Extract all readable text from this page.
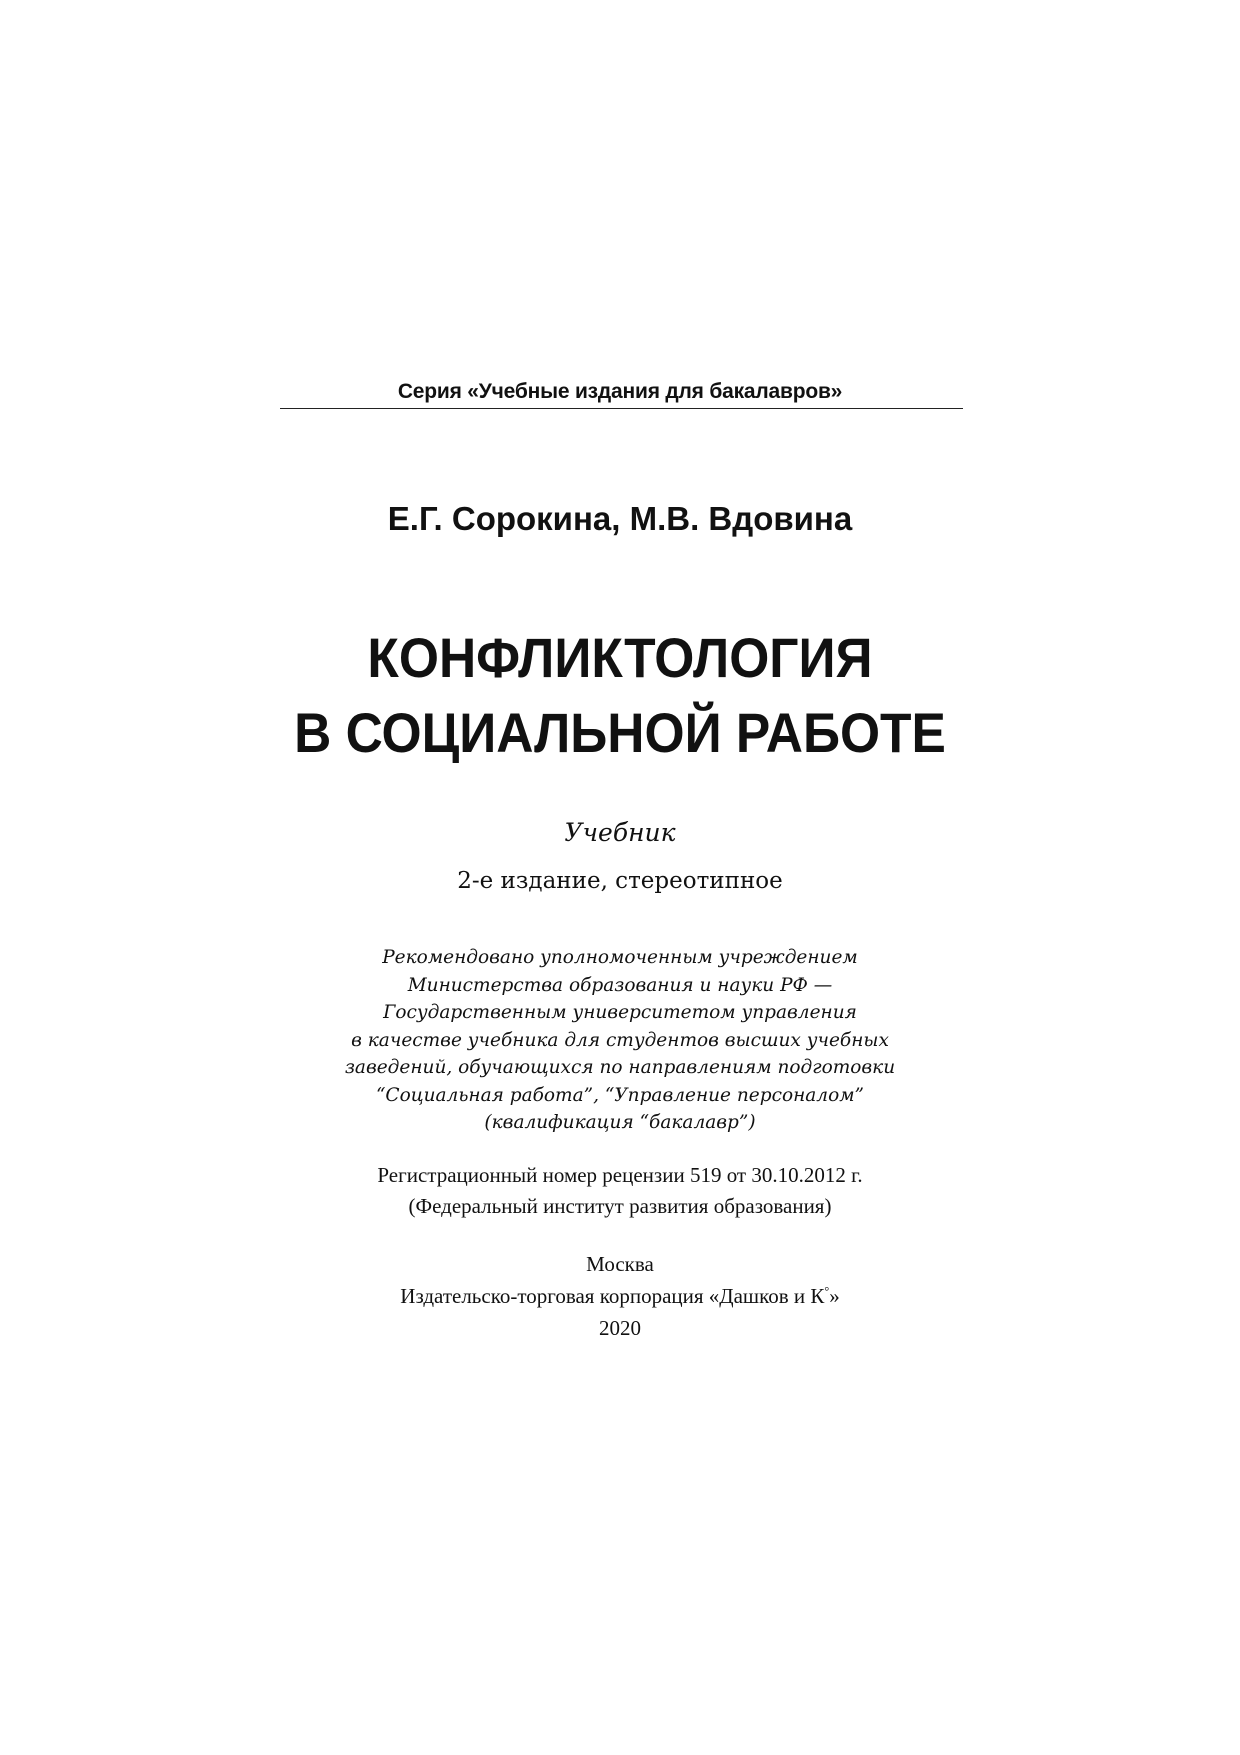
Серия «Учебные издания для бакалавров»
Е.Г. Сорокина, М.В. Вдовина
КОНФЛИКТОЛОГИЯ
В СОЦИАЛЬНОЙ РАБОТЕ
Учебник
2-е издание, стереотипное
Рекомендовано уполномоченным учреждением
Министерства образования и науки РФ —
Государственным университетом управления
в качестве учебника для студентов высших учебных
заведений, обучающихся по направлениям подготовки
“Социальная работа”, “Управление персоналом”
(квалификация “бакалавр”)
Регистрационный номер рецензии 519 от 30.10.2012 г.
(Федеральный институт развития образования)
Москва
Издательско-торговая корпорация «Дашков и К°»
2020
